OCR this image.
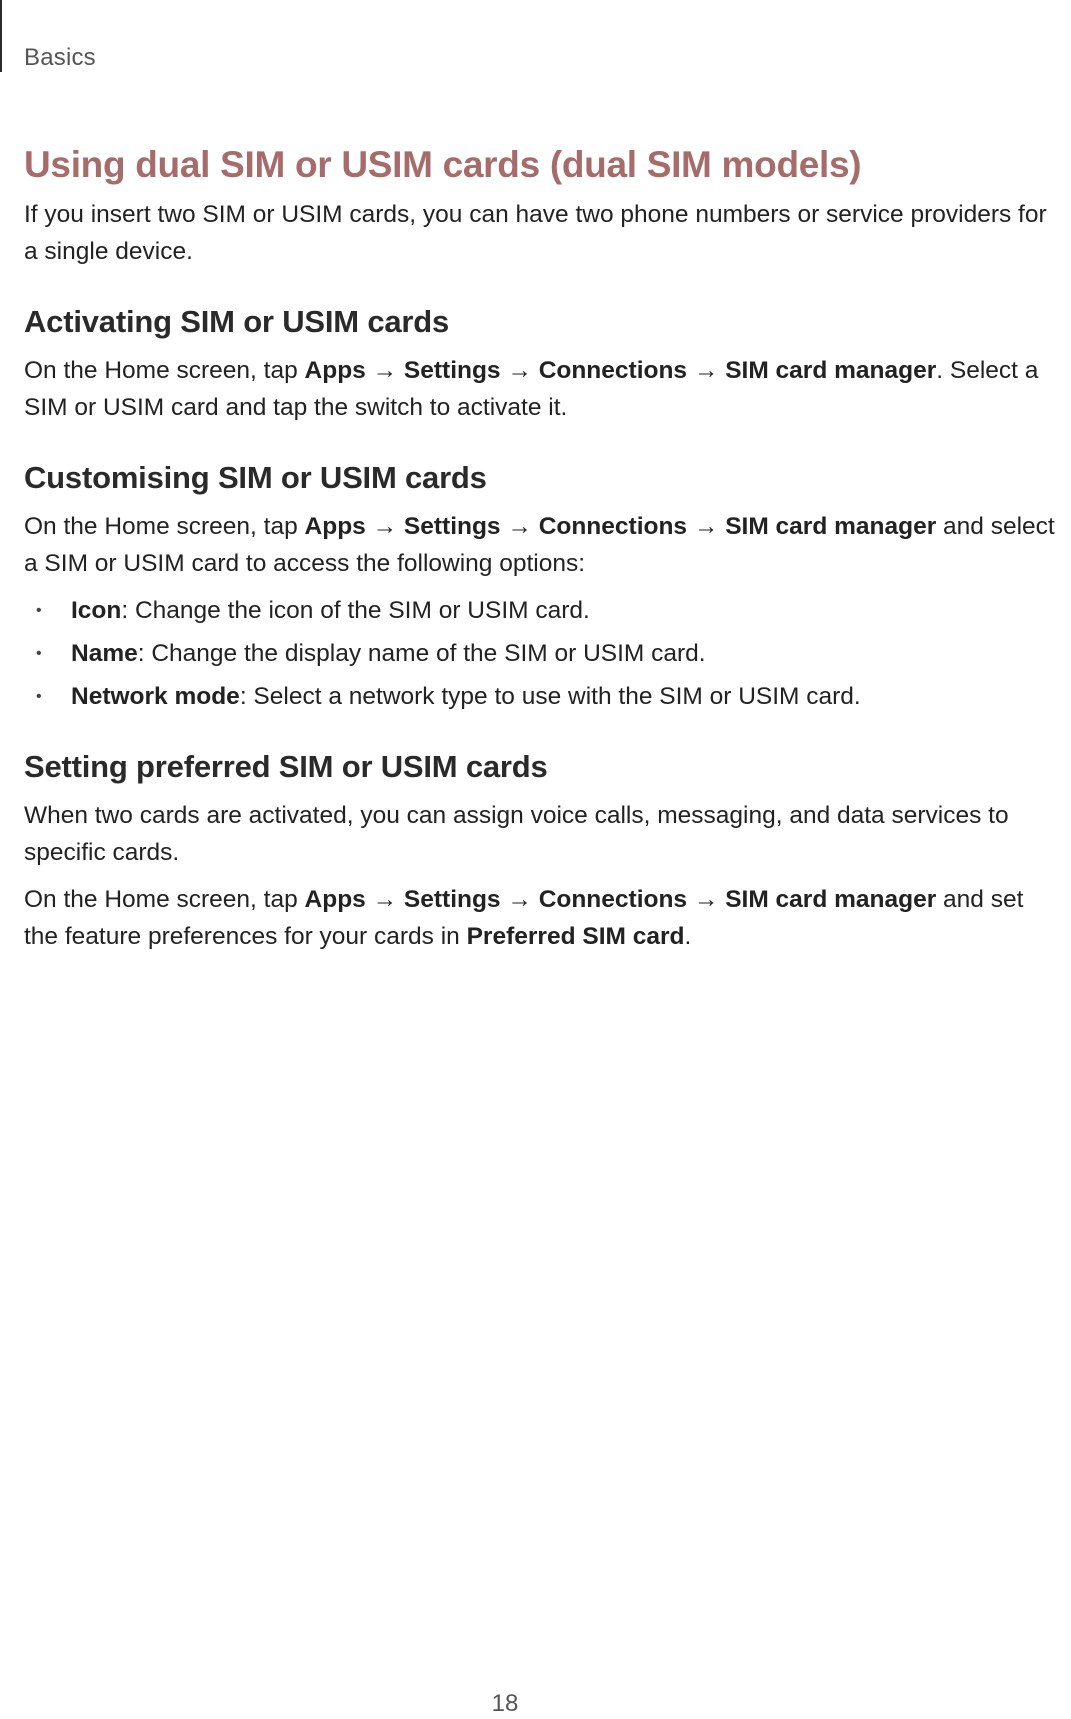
Basics
Using dual SIM or USIM cards (dual SIM models)

If you insert two SIM or USIM cards, you can have two phone numbers or service providers for a single device.

Activating SIM or USIM cards

On the Home screen, tap Apps → Settings → Connections → SIM card manager. Select a SIM or USIM card and tap the switch to activate it.

Customising SIM or USIM cards

On the Home screen, tap Apps → Settings → Connections → SIM card manager and select a SIM or USIM card to access the following options:

• Icon: Change the icon of the SIM or USIM card.
• Name: Change the display name of the SIM or USIM card.
• Network mode: Select a network type to use with the SIM or USIM card.
Setting preferred SIM or USIM cards

When two cards are activated, you can assign voice calls, messaging, and data services to specific cards.

On the Home screen, tap Apps → Settings → Connections → SIM card manager and set the feature preferences for your cards in Preferred SIM card.

18
